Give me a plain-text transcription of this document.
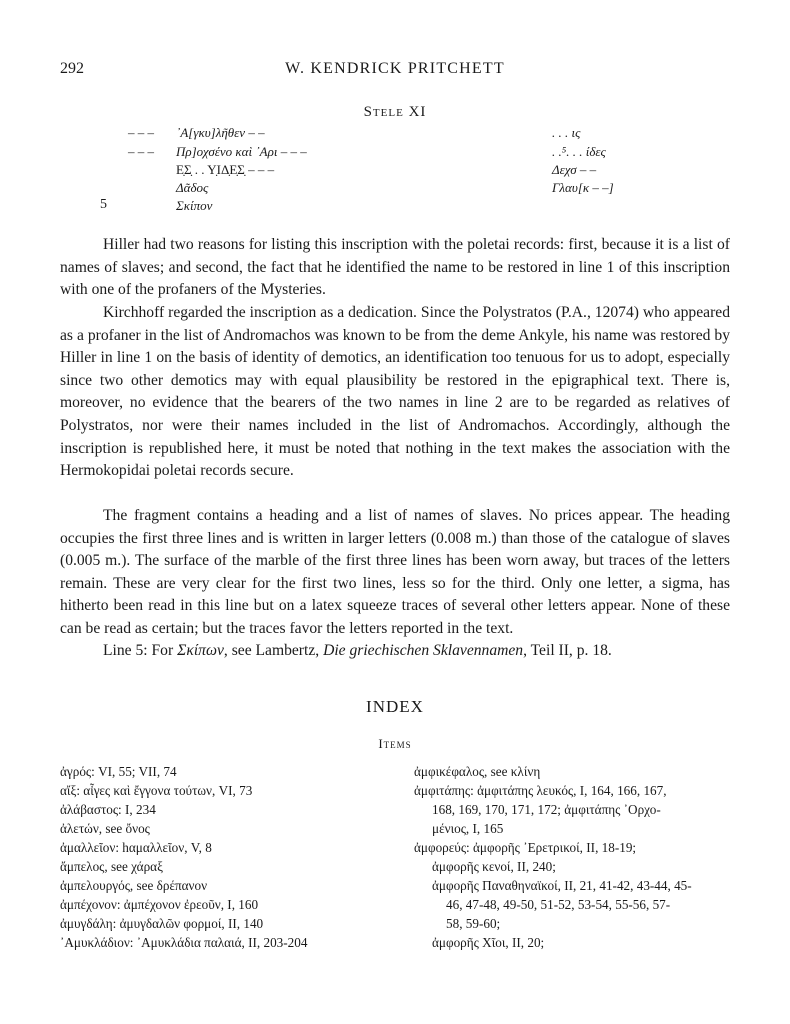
292	W. KENDRICK PRITCHETT
Stele XI
– – – ᾽Α[γκυ]λῆθεν – –	. . . ις
– – – Πρ]οχσένο καὶ ᾽Αρι – – –	. .⁵. . . ίδες
Ε̣Σ̣ . . Υ̣ΙΔ̣Ε̣Σ̣ – – –	Δεχσ – –
Δᾶδος	Γλαυ[κ – –]
5	Σκίπον

Hiller had two reasons for listing this inscription with the poletai records: first, because it is a list of names of slaves; and second, the fact that he identified the name to be restored in line 1 of this inscription with one of the profaners of the Mysteries.

Kirchhoff regarded the inscription as a dedication. Since the Polystratos (P.A., 12074) who appeared as a profaner in the list of Andromachos was known to be from the deme Ankyle, his name was restored by Hiller in line 1 on the basis of identity of demotics, an identification too tenuous for us to adopt, especially since two other demotics may with equal plausibility be restored in the epigraphical text. There is, moreover, no evidence that the bearers of the two names in line 2 are to be regarded as relatives of Polystratos, nor were their names included in the list of Andromachos. Accordingly, although the inscription is republished here, it must be noted that nothing in the text makes the association with the Hermokopidai poletai records secure.

The fragment contains a heading and a list of names of slaves. No prices appear. The heading occupies the first three lines and is written in larger letters (0.008 m.) than those of the catalogue of slaves (0.005 m.). The surface of the marble of the first three lines has been worn away, but traces of the letters remain. These are very clear for the first two lines, less so for the third. Only one letter, a sigma, has hitherto been read in this line but on a latex squeeze traces of several other letters appear. None of these can be read as certain; but the traces favor the letters reported in the text.

Line 5: For Σκίπων, see Lambertz, Die griechischen Sklavennamen, Teil II, p. 18.

INDEX
Items
ἀγρός: VI, 55; VII, 74
αἴξ: αἶγες καὶ ἔγγονα τούτων, VI, 73
ἀλάβαστος: I, 234
ἀλετών, see ὄνος
ἀμαλλεῖον: hαμαλλεῖον, V, 8
ἄμπελος, see χάραξ
ἀμπελουργός, see δρέπανον
ἀμπέχονον: ἀμπέχονον ἐρεοῦν, I, 160
ἀμυγδάλη: ἀμυγδαλῶν φορμοί, II, 140
᾽Αμυκλάδιον: ᾽Αμυκλάδια παλαιά, II, 203-204
ἀμφικέφαλος, see κλίνη
ἀμφιτάπης: ἀμφιτάπης λευκός, I, 164, 166, 167,
168, 169, 170, 171, 172; ἀμφιτάπης ᾽Ορχο-
μένιος, I, 165
ἀμφορεύς: ἀμφορῆς ᾽Ερετρικοί, II, 18-19;
ἀμφορῆς κενοί, II, 240;
ἀμφορῆς Παναθηναϊκοί, II, 21, 41-42, 43-44, 45-
46, 47-48, 49-50, 51-52, 53-54, 55-56, 57-
58, 59-60;
ἀμφορῆς Χῖοι, II, 20;
